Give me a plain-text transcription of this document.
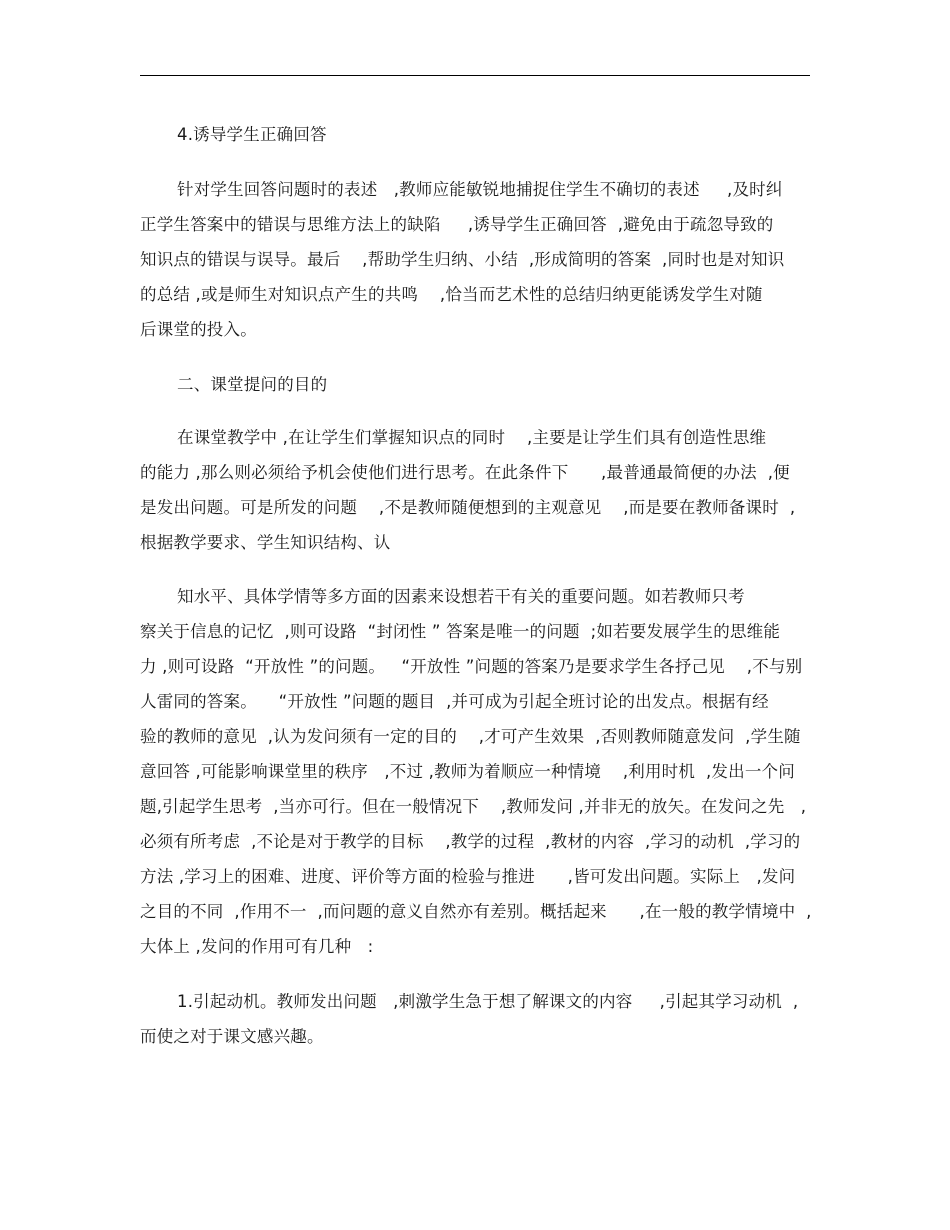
4.诱导学生正确回答
针对学生回答问题时的表述   ,教师应能敏锐地捕捉住学生不确切的表述     ,及时纠
正学生答案中的错误与思维方法上的缺陷     ,诱导学生正确回答  ,避免由于疏忽导致的
知识点的错误与误导。最后    ,帮助学生归纳、小结  ,形成简明的答案  ,同时也是对知识
的总结 ,或是师生对知识点产生的共鸣    ,恰当而艺术性的总结归纳更能诱发学生对随
后课堂的投入。
二、课堂提问的目的
在课堂教学中 ,在让学生们掌握知识点的同时    ,主要是让学生们具有创造性思维
的能力 ,那么则必须给予机会使他们进行思考。在此条件下      ,最普通最简便的办法  ,便
是发出问题。可是所发的问题    ,不是教师随便想到的主观意见    ,而是要在教师备课时  ,
根据教学要求、学生知识结构、认
知水平、具体学情等多方面的因素来设想若干有关的重要问题。如若教师只考
察关于信息的记忆  ,则可设路  “封闭性 ” 答案是唯一的问题  ;如若要发展学生的思维能
力 ,则可设路  “开放性 ”的问题。   “开放性 ”问题的答案乃是要求学生各抒己见    ,不与别
人雷同的答案。    “开放性 ”问题的题目  ,并可成为引起全班讨论的出发点。根据有经
验的教师的意见  ,认为发问须有一定的目的    ,才可产生效果  ,否则教师随意发问  ,学生随
意回答 ,可能影响课堂里的秩序   ,不过 ,教师为着顺应一种情境    ,利用时机  ,发出一个问
题,引起学生思考  ,当亦可行。但在一般情况下    ,教师发问 ,并非无的放矢。在发问之先   ,
必须有所考虑  ,不论是对于教学的目标    ,教学的过程  ,教材的内容  ,学习的动机  ,学习的
方法 ,学习上的困难、进度、评价等方面的检验与推进      ,皆可发出问题。实际上   ,发问
之目的不同  ,作用不一  ,而问题的意义自然亦有差别。概括起来      ,在一般的教学情境中  ,
大体上 ,发问的作用可有几种   :
1.引起动机。教师发出问题   ,刺激学生急于想了解课文的内容     ,引起其学习动机  ,
而使之对于课文感兴趣。
